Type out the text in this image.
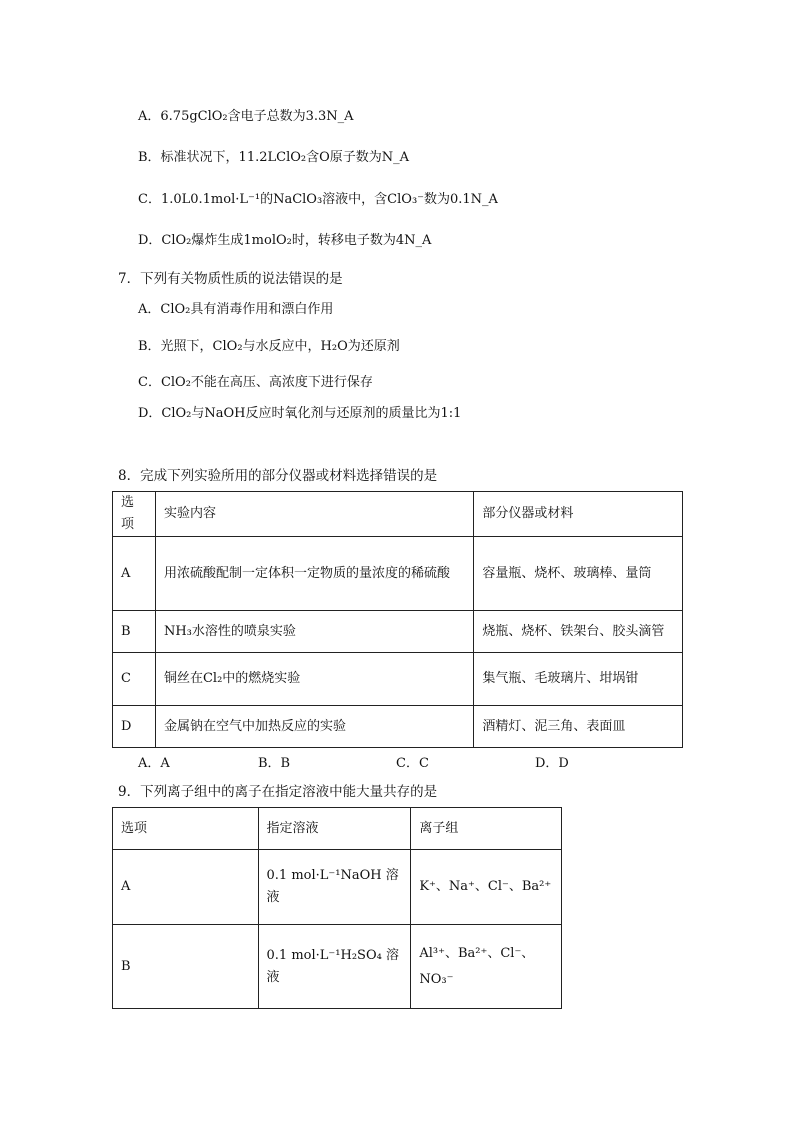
A．6.75gClO₂含电子总数为3.3N_A
B．标准状况下，11.2LClO₂含O原子数为N_A
C．1.0L0.1mol·L⁻¹的NaClO₃溶液中，含ClO₃⁻数为0.1N_A
D．ClO₂爆炸生成1molO₂时，转移电子数为4N_A
7．下列有关物质性质的说法错误的是
A．ClO₂具有消毒作用和漂白作用
B．光照下，ClO₂与水反应中，H₂O为还原剂
C．ClO₂不能在高压、高浓度下进行保存
D．ClO₂与NaOH反应时氧化剂与还原剂的质量比为1:1
8．完成下列实验所用的部分仪器或材料选择错误的是
选项	实验内容	部分仪器或材料
A	用浓硫酸配制一定体积一定物质的量浓度的稀硫酸	容量瓶、烧杯、玻璃棒、量筒
B	NH₃水溶性的喷泉实验	烧瓶、烧杯、铁架台、胶头滴管
C	铜丝在Cl₂中的燃烧实验	集气瓶、毛玻璃片、坩埚钳
D	金属钠在空气中加热反应的实验	酒精灯、泥三角、表面皿
A．A	B．B	C．C	D．D
9．下列离子组中的离子在指定溶液中能大量共存的是
选项	指定溶液	离子组
A	0.1 mol·L⁻¹NaOH 溶液	K⁺、Na⁺、Cl⁻、Ba²⁺
B	0.1 mol·L⁻¹H₂SO₄ 溶液	Al³⁺、Ba²⁺、Cl⁻、NO₃⁻
